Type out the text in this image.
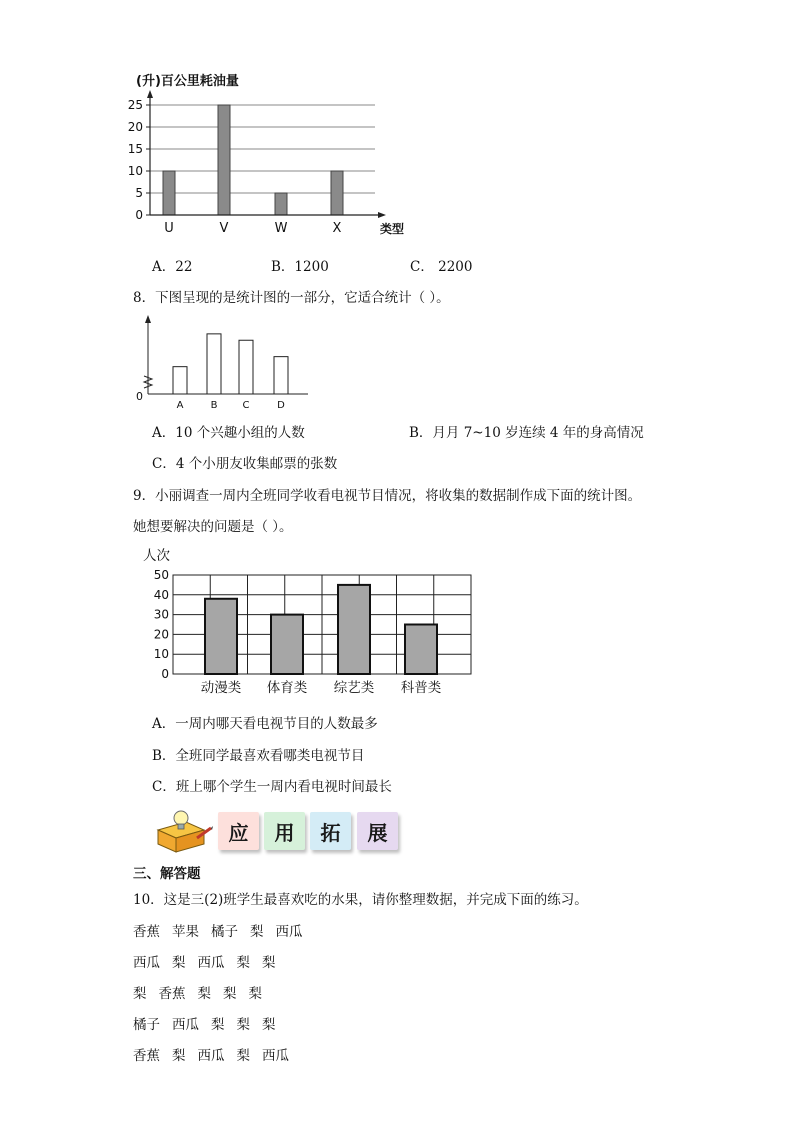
(升)百公里耗油量
0
5
10
15
20
25
U	V	W	X	类型
A．22	B．1200	C． 2200
8．下图呈现的是统计图的一部分，它适合统计（ ）。
0
A	B	C	D
A．10 个兴趣小组的人数	B．月月 7~10 岁连续 4 年的身高情况
C．4 个小朋友收集邮票的张数
9．小丽调查一周内全班同学收看电视节目情况，将收集的数据制作成下面的统计图。
她想要解决的问题是（ ）。
人次
0
10
20
30
40
50
动漫类 体育类 综艺类 科普类
A．一周内哪天看电视节目的人数最多
B．全班同学最喜欢看哪类电视节目
C．班上哪个学生一周内看电视时间最长
应	用	拓	展
三、解答题
10．这是三(2)班学生最喜欢吃的水果，请你整理数据，并完成下面的练习。
香蕉 苹果 橘子 梨 西瓜
西瓜 梨 西瓜 梨 梨
梨 香蕉 梨 梨 梨
橘子 西瓜 梨 梨 梨
香蕉 梨 西瓜 梨 西瓜
